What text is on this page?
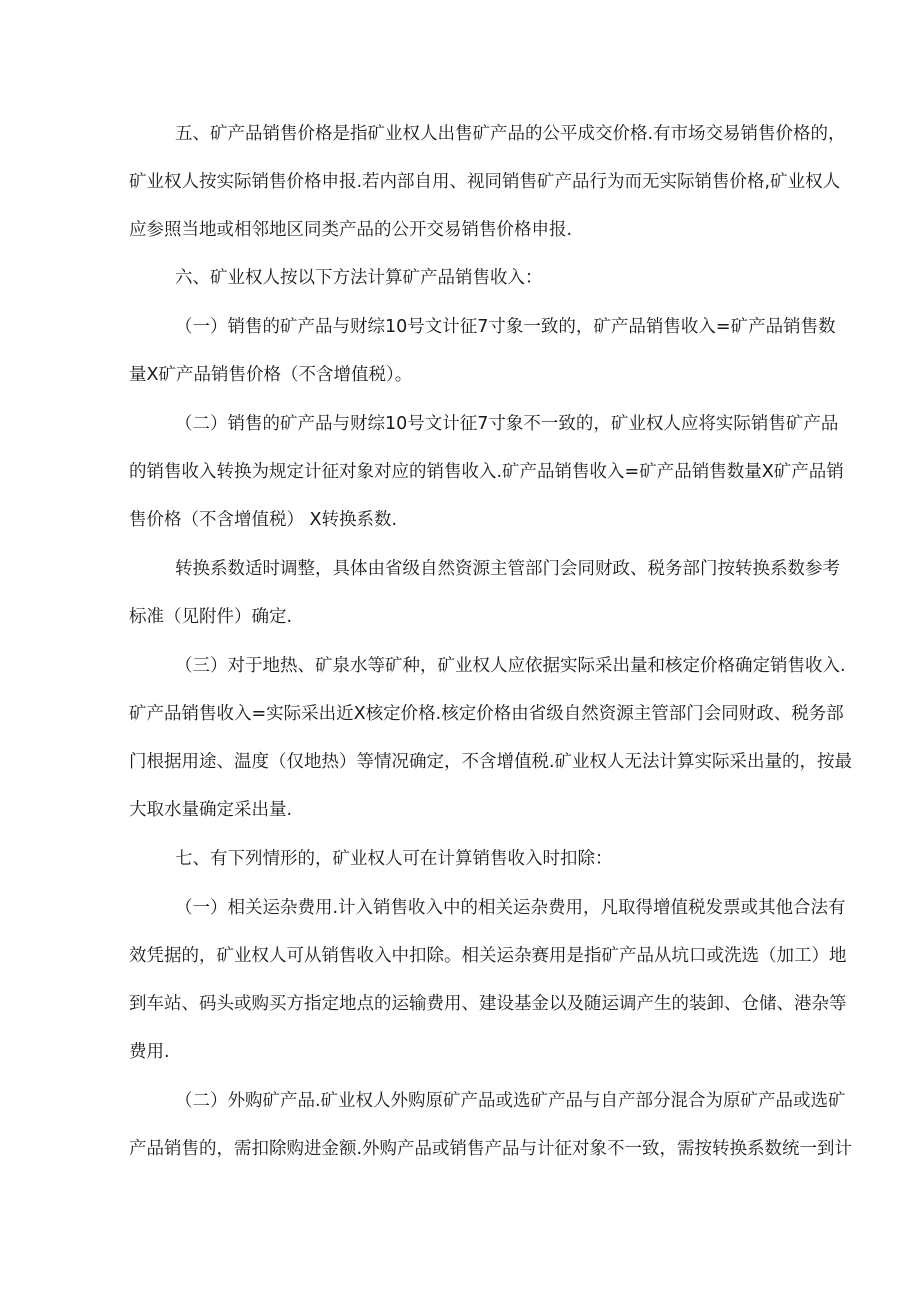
五、矿产品销售价格是指矿业权人出售矿产品的公平成交价格.有市场交易销售价格的，
矿业权人按实际销售价格申报.若内部自用、视同销售矿产品行为而无实际销售价格,矿业权人
应参照当地或相邻地区同类产品的公开交易销售价格申报.
六、矿业权人按以下方法计算矿产品销售收入：
（一）销售的矿产品与财综10号文计征7寸象一致的，矿产品销售收入=矿产品销售数
量X矿产品销售价格（不含增值税）。
（二）销售的矿产品与财综10号文计征7寸象不一致的，矿业权人应将实际销售矿产品
的销售收入转换为规定计征对象对应的销售收入.矿产品销售收入=矿产品销售数量X矿产品销
售价格（不含增值税） X转换系数.
转换系数适时调整，具体由省级自然资源主管部门会同财政、税务部门按转换系数参考
标准（见附件）确定.
（三）对于地热、矿泉水等矿种，矿业权人应依据实际采出量和核定价格确定销售收入.
矿产品销售收入=实际采出近X核定价格.核定价格由省级自然资源主管部门会同财政、税务部
门根据用途、温度（仅地热）等情况确定，不含增值税.矿业权人无法计算实际采出量的，按最
大取水量确定采出量.
七、有下列情形的，矿业权人可在计算销售收入时扣除：
（一）相关运杂费用.计入销售收入中的相关运杂费用，凡取得增值税发票或其他合法有
效凭据的，矿业权人可从销售收入中扣除。相关运杂赛用是指矿产品从坑口或洗选（加工）地
到车站、码头或购买方指定地点的运输费用、建设基金以及随运调产生的装卸、仓储、港杂等
费用.
（二）外购矿产品.矿业权人外购原矿产品或选矿产品与自产部分混合为原矿产品或选矿
产品销售的，需扣除购进金额.外购产品或销售产品与计征对象不一致，需按转换系数统一到计
